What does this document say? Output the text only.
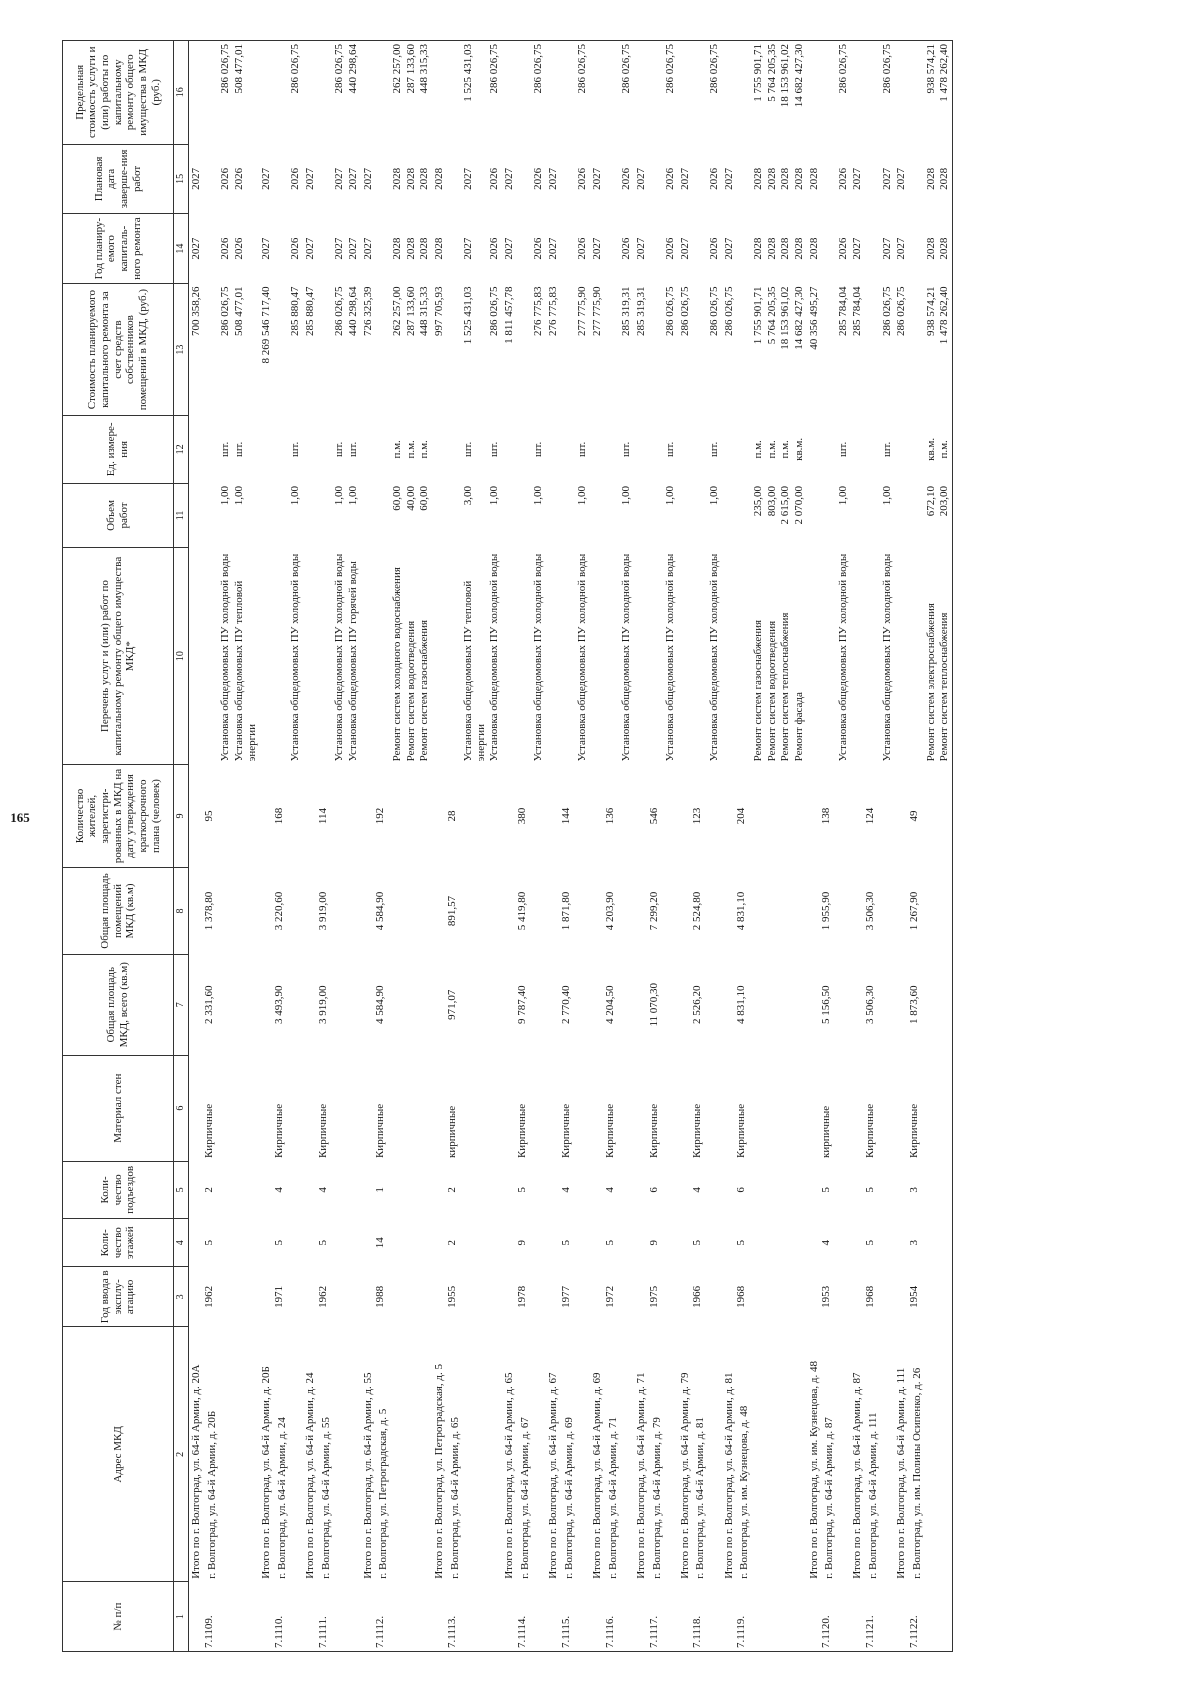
165
№ п/п	Адрес МКД	Год ввода в эксплу-атацию	Коли-чество этажей	Коли-чество подъездов	Материал стен	Общая площадь МКД, всего (кв.м)	Общая площадь помещений МКД (кв.м)	Количество жителей, зарегистри-рованных в МКД на дату утверждения краткосрочного плана (человек)	Перечень услуг и (или) работ по капитальному ремонту общего имущества МКД*	Объем работ	Ед. измере-ния	Стоимость планируемого капитального ремонта за счет средств собственников помещений в МКД, (руб.)	Год планиру-емого капиталь-ного ремонта	Плановая дата заверше-ния работ	Предельная стоимость услуги и (или) работы по капитальному ремонту общего имущества в МКД (руб.)
1	2	3	4	5	6	7	8	9	10	11	12	13	14	15	16
	Итого по г. Волгоград, ул. 64-й Армии, д. 20А											700 358,26	2027	2027	
7.1109.	г. Волгоград, ул. 64-й Армии, д. 20Б	1962	5	2	Кирпичные	2 331,60	1 378,80	95							
									Установка общедомовых ПУ холодной воды	1,00	шт.	286 026,75	2026	2026	286 026,75
									Установка общедомовых ПУ тепловой энергии	1,00	шт.	508 477,01	2026	2026	508 477,01
	Итого по г. Волгоград, ул. 64-й Армии, д. 20Б											8 269 546 717,40	2027	2027	
7.1110.	г. Волгоград, ул. 64-й Армии, д. 24	1971	5	4	Кирпичные	3 493,90	3 220,60	168							
									Установка общедомовых ПУ холодной воды	1,00	шт.	285 880,47	2026	2026	286 026,75
	Итого по г. Волгоград, ул. 64-й Армии, д. 24											285 880,47	2027	2027	
7.1111.	г. Волгоград, ул. 64-й Армии, д. 55	1962	5	4	Кирпичные	3 919,00	3 919,00	114							
									Установка общедомовых ПУ холодной воды	1,00	шт.	286 026,75	2027	2027	286 026,75
									Установка общедомовых ПУ горячей воды	1,00	шт.	440 298,64	2027	2027	440 298,64
	Итого по г. Волгоград, ул. 64-й Армии, д. 55											726 325,39	2027	2027	
7.1112.	г. Волгоград, ул. Петроградская, д. 5	1988	14	1	Кирпичные	4 584,90	4 584,90	192							
									Ремонт систем холодного водоснабжения	60,00	п.м.	262 257,00	2028	2028	262 257,00
									Ремонт систем водоотведения	40,00	п.м.	287 133,60	2028	2028	287 133,60
									Ремонт систем газоснабжения	60,00	п.м.	448 315,33	2028	2028	448 315,33
	Итого по г. Волгоград, ул. Петроградская, д. 5											997 705,93	2028	2028	
7.1113.	г. Волгоград, ул. 64-й Армии, д. 65	1955	2	2	кирпичные	971,07	891,57	28							
									Установка общедомовых ПУ тепловой энергии	3,00	шт.	1 525 431,03	2027	2027	1 525 431,03
									Установка общедомовых ПУ холодной воды	1,00	шт.	286 026,75	2026	2026	286 026,75
	Итого по г. Волгоград, ул. 64-й Армии, д. 65											1 811 457,78	2027	2027	
7.1114.	г. Волгоград, ул. 64-й Армии, д. 67	1978	9	5	Кирпичные	9 787,40	5 419,80	380							
									Установка общедомовых ПУ холодной воды	1,00	шт.	276 775,83	2026	2026	286 026,75
	Итого по г. Волгоград, ул. 64-й Армии, д. 67											276 775,83	2027	2027	
7.1115.	г. Волгоград, ул. 64-й Армии, д. 69	1977	5	4	Кирпичные	2 770,40	1 871,80	144							
									Установка общедомовых ПУ холодной воды	1,00	шт.	277 775,90	2026	2026	286 026,75
	Итого по г. Волгоград, ул. 64-й Армии, д. 69											277 775,90	2027	2027	
7.1116.	г. Волгоград, ул. 64-й Армии, д. 71	1972	5	4	Кирпичные	4 204,50	4 203,90	136							
									Установка общедомовых ПУ холодной воды	1,00	шт.	285 319,31	2026	2026	286 026,75
	Итого по г. Волгоград, ул. 64-й Армии, д. 71											285 319,31	2027	2027	
7.1117.	г. Волгоград, ул. 64-й Армии, д. 79	1975	9	6	Кирпичные	11 070,30	7 299,20	546							
									Установка общедомовых ПУ холодной воды	1,00	шт.	286 026,75	2026	2026	286 026,75
	Итого по г. Волгоград, ул. 64-й Армии, д. 79											286 026,75	2027	2027	
7.1118.	г. Волгоград, ул. 64-й Армии, д. 81	1966	5	4	Кирпичные	2 526,20	2 524,80	123							
									Установка общедомовых ПУ холодной воды	1,00	шт.	286 026,75	2026	2026	286 026,75
	Итого по г. Волгоград, ул. 64-й Армии, д. 81											286 026,75	2027	2027	
7.1119.	г. Волгоград, ул. им. Кузнецова, д. 48	1968	5	6	Кирпичные	4 831,10	4 831,10	204							
									Ремонт систем газоснабжения	235,00	п.м.	1 755 901,71	2028	2028	1 755 901,71
									Ремонт систем водоотведения	803,00	п.м.	5 764 205,35	2028	2028	5 764 205,35
									Ремонт систем теплоснабжения	2 615,00	п.м.	18 153 961,02	2028	2028	18 153 961,02
									Ремонт фасада	2 070,00	кв.м.	14 682 427,30	2028	2028	14 682 427,30
	Итого по г. Волгоград, ул. им. Кузнецова, д. 48											40 356 495,27	2028	2028	
7.1120.	г. Волгоград, ул. 64-й Армии, д. 87	1953	4	5	кирпичные	5 156,50	1 955,90	138							
									Установка общедомовых ПУ холодной воды	1,00	шт.	285 784,04	2026	2026	286 026,75
	Итого по г. Волгоград, ул. 64-й Армии, д. 87											285 784,04	2027	2027	
7.1121.	г. Волгоград, ул. 64-й Армии, д. 111	1968	5	5	Кирпичные	3 506,30	3 506,30	124							
									Установка общедомовых ПУ холодной воды	1,00	шт.	286 026,75	2027	2027	286 026,75
	Итого по г. Волгоград, ул. 64-й Армии, д. 111											286 026,75	2027	2027	
7.1122.	г. Волгоград, ул. им. Полины Осипенко, д. 26	1954	3	3	Кирпичные	1 873,60	1 267,90	49							
									Ремонт систем электроснабжения	672,10	кв.м.	938 574,21	2028	2028	938 574,21
									Ремонт систем теплоснабжения	203,00	п.м.	1 478 262,40	2028	2028	1 478 262,40
